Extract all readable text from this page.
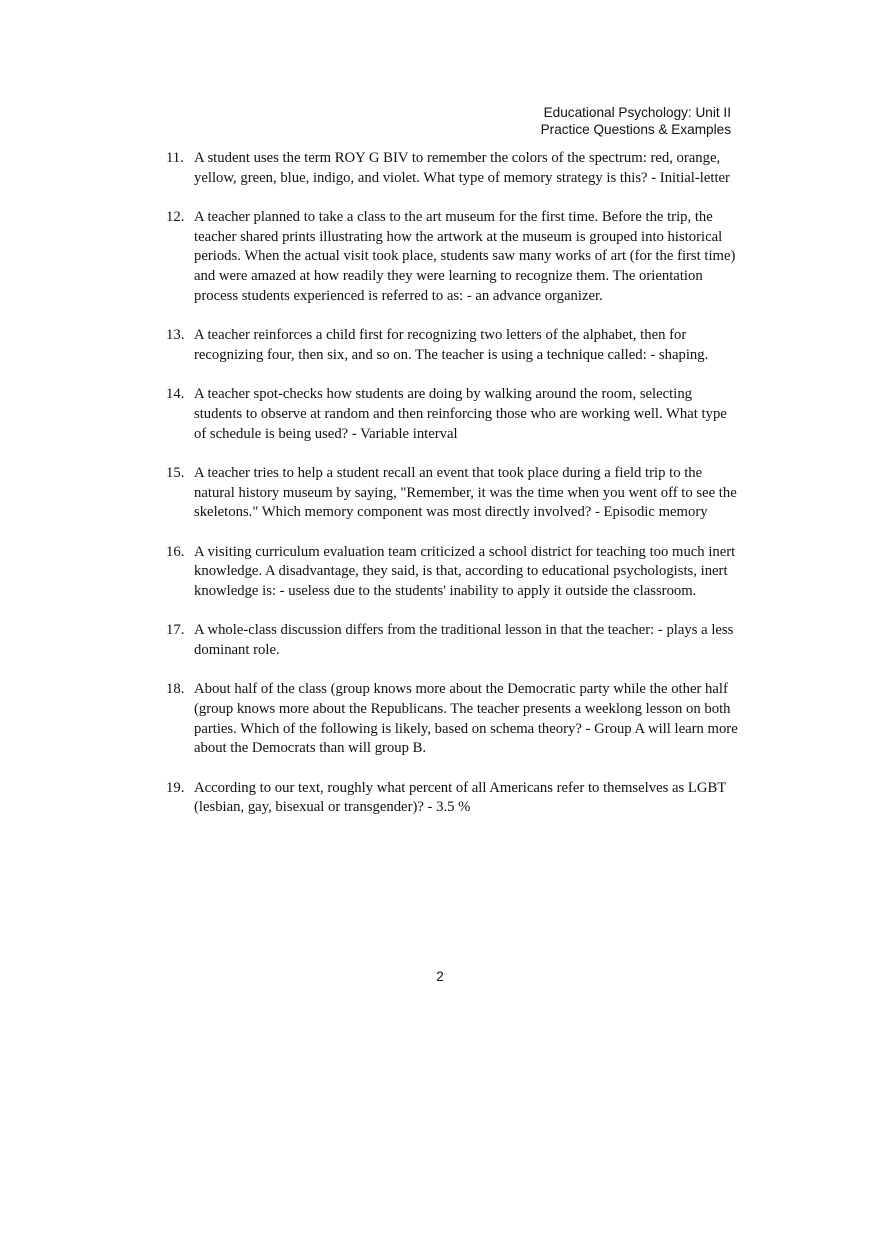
Educational Psychology: Unit II
Practice Questions & Examples
11. A student uses the term ROY G BIV to remember the colors of the spectrum: red, orange, yellow, green, blue, indigo, and violet. What type of memory strategy is this? - Initial-letter
12. A teacher planned to take a class to the art museum for the first time. Before the trip, the teacher shared prints illustrating how the artwork at the museum is grouped into historical periods. When the actual visit took place, students saw many works of art (for the first time) and were amazed at how readily they were learning to recognize them. The orientation process students experienced is referred to as: - an advance organizer.
13. A teacher reinforces a child first for recognizing two letters of the alphabet, then for recognizing four, then six, and so on. The teacher is using a technique called: - shaping.
14. A teacher spot-checks how students are doing by walking around the room, selecting students to observe at random and then reinforcing those who are working well. What type of schedule is being used? - Variable interval
15. A teacher tries to help a student recall an event that took place during a field trip to the natural history museum by saying, "Remember, it was the time when you went off to see the skeletons." Which memory component was most directly involved? - Episodic memory
16. A visiting curriculum evaluation team criticized a school district for teaching too much inert knowledge. A disadvantage, they said, is that, according to educational psychologists, inert knowledge is: - useless due to the students' inability to apply it outside the classroom.
17. A whole-class discussion differs from the traditional lesson in that the teacher: - plays a less dominant role.
18. About half of the class (group knows more about the Democratic party while the other half (group knows more about the Republicans. The teacher presents a weeklong lesson on both parties. Which of the following is likely, based on schema theory? - Group A will learn more about the Democrats than will group B.
19. According to our text, roughly what percent of all Americans refer to themselves as LGBT (lesbian, gay, bisexual or transgender)? - 3.5 %
2
